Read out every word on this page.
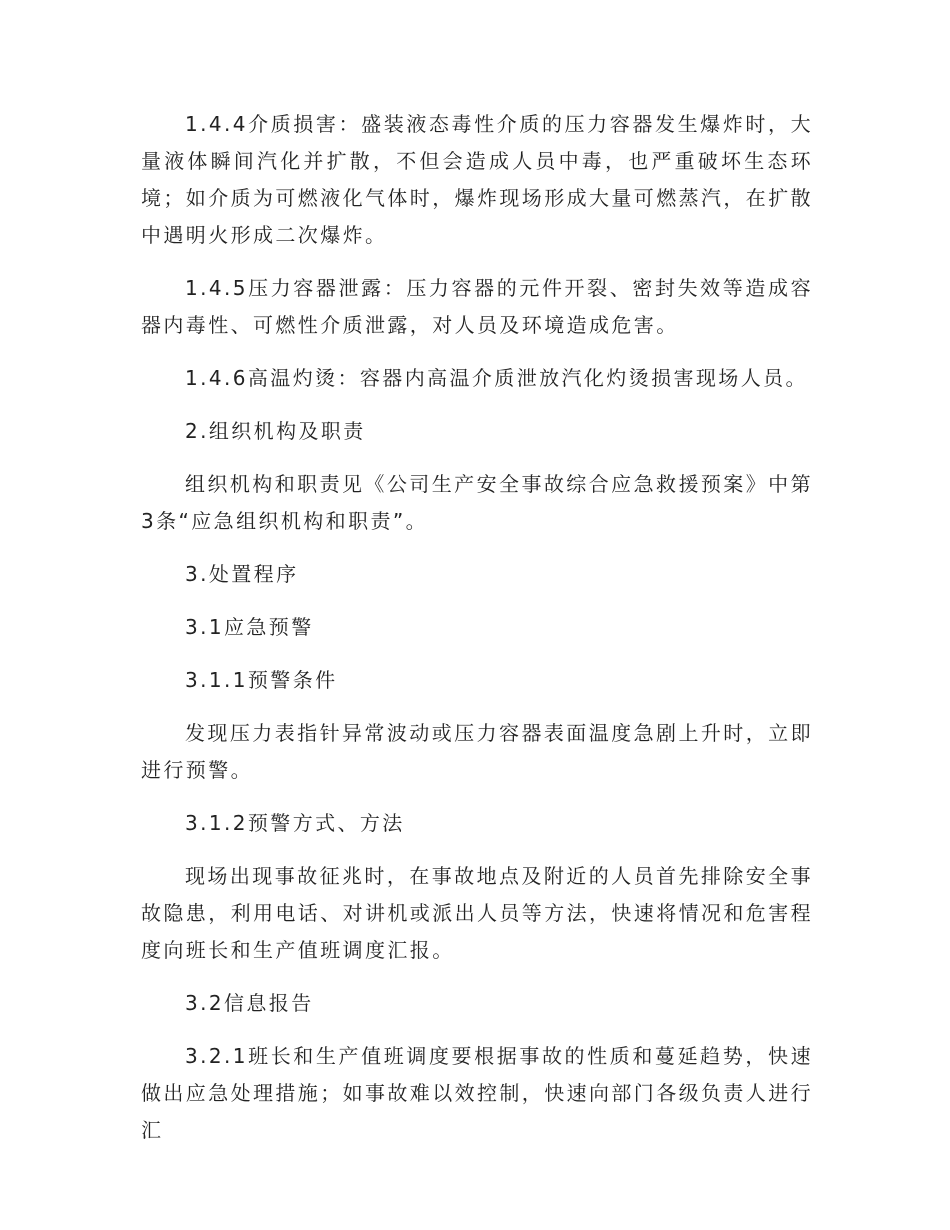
1.4.4介质损害：盛装液态毒性介质的压力容器发生爆炸时，大量液体瞬间汽化并扩散，不但会造成人员中毒，也严重破坏生态环境；如介质为可燃液化气体时，爆炸现场形成大量可燃蒸汽，在扩散中遇明火形成二次爆炸。

1.4.5压力容器泄露：压力容器的元件开裂、密封失效等造成容器内毒性、可燃性介质泄露，对人员及环境造成危害。

1.4.6高温灼烫：容器内高温介质泄放汽化灼烫损害现场人员。

2.组织机构及职责

组织机构和职责见《公司生产安全事故综合应急救援预案》中第3条“应急组织机构和职责”。

3.处置程序

3.1应急预警

3.1.1预警条件

发现压力表指针异常波动或压力容器表面温度急剧上升时，立即进行预警。

3.1.2预警方式、方法

现场出现事故征兆时，在事故地点及附近的人员首先排除安全事故隐患，利用电话、对讲机或派出人员等方法，快速将情况和危害程度向班长和生产值班调度汇报。

3.2信息报告

3.2.1班长和生产值班调度要根据事故的性质和蔓延趋势，快速做出应急处理措施；如事故难以效控制，快速向部门各级负责人进行汇
